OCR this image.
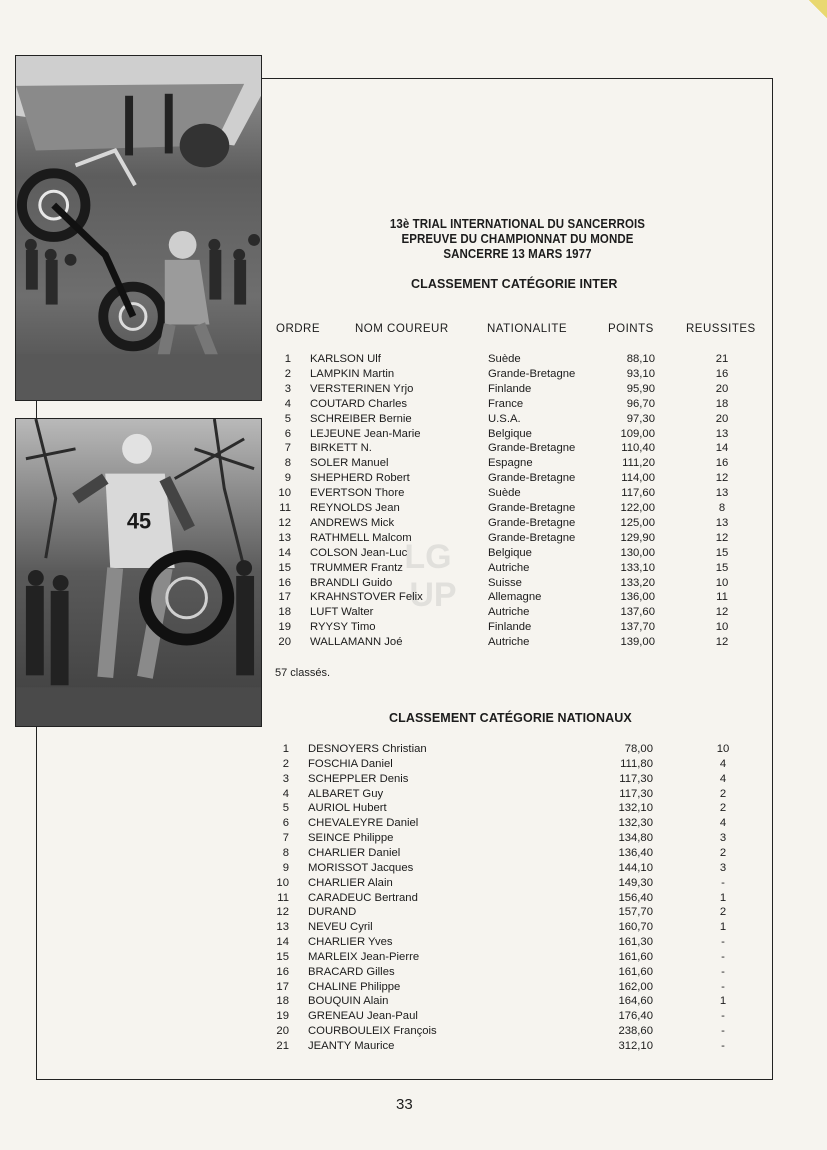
45
LG
UP
13è TRIAL INTERNATIONAL DU SANCERROIS
EPREUVE DU CHAMPIONNAT DU MONDE
SANCERRE 13 MARS 1977
CLASSEMENT CATÉGORIE INTER
ORDRE	NOM COUREUR	NATIONALITE	POINTS	REUSSITES
1 KARLSON Ulf	Suède	88,10	21
2 LAMPKIN Martin	Grande-Bretagne	93,10	16
3 VERSTERINEN Yrjo	Finlande	95,90	20
4 COUTARD Charles	France	96,70	18
5 SCHREIBER Bernie	U.S.A.	97,30	20
6 LEJEUNE Jean-Marie	Belgique	109,00	13
7 BIRKETT N.	Grande-Bretagne	110,40	14
8 SOLER Manuel	Espagne	111,20	16
9 SHEPHERD Robert	Grande-Bretagne	114,00	12
10 EVERTSON Thore	Suède	117,60	13
11 REYNOLDS Jean	Grande-Bretagne	122,00	8
12 ANDREWS Mick	Grande-Bretagne	125,00	13
13 RATHMELL Malcom	Grande-Bretagne	129,90	12
14 COLSON Jean-Luc	Belgique	130,00	15
15 TRUMMER Frantz	Autriche	133,10	15
16 BRANDLI Guido	Suisse	133,20	10
17 KRAHNSTOVER Felix	Allemagne	136,00	11
18 LUFT Walter	Autriche	137,60	12
19 RYYSY Timo	Finlande	137,70	10
20 WALLAMANN Joé	Autriche	139,00	12
57 classés.
CLASSEMENT CATÉGORIE NATIONAUX
1 DESNOYERS Christian	78,00	10
2 FOSCHIA Daniel	111,80	4
3 SCHEPPLER Denis	117,30	4
4 ALBARET Guy	117,30	2
5 AURIOL Hubert	132,10	2
6 CHEVALEYRE Daniel	132,30	4
7 SEINCE Philippe	134,80	3
8 CHARLIER Daniel	136,40	2
9 MORISSOT Jacques	144,10	3
10 CHARLIER Alain	149,30	-
11 CARADEUC Bertrand	156,40	1
12 DURAND	157,70	2
13 NEVEU Cyril	160,70	1
14 CHARLIER Yves	161,30	-
15 MARLEIX Jean-Pierre	161,60	-
16 BRACARD Gilles	161,60	-
17 CHALINE Philippe	162,00	-
18 BOUQUIN Alain	164,60	1
19 GRENEAU Jean-Paul	176,40	-
20 COURBOULEIX François	238,60	-
21 JEANTY Maurice	312,10	-
33
